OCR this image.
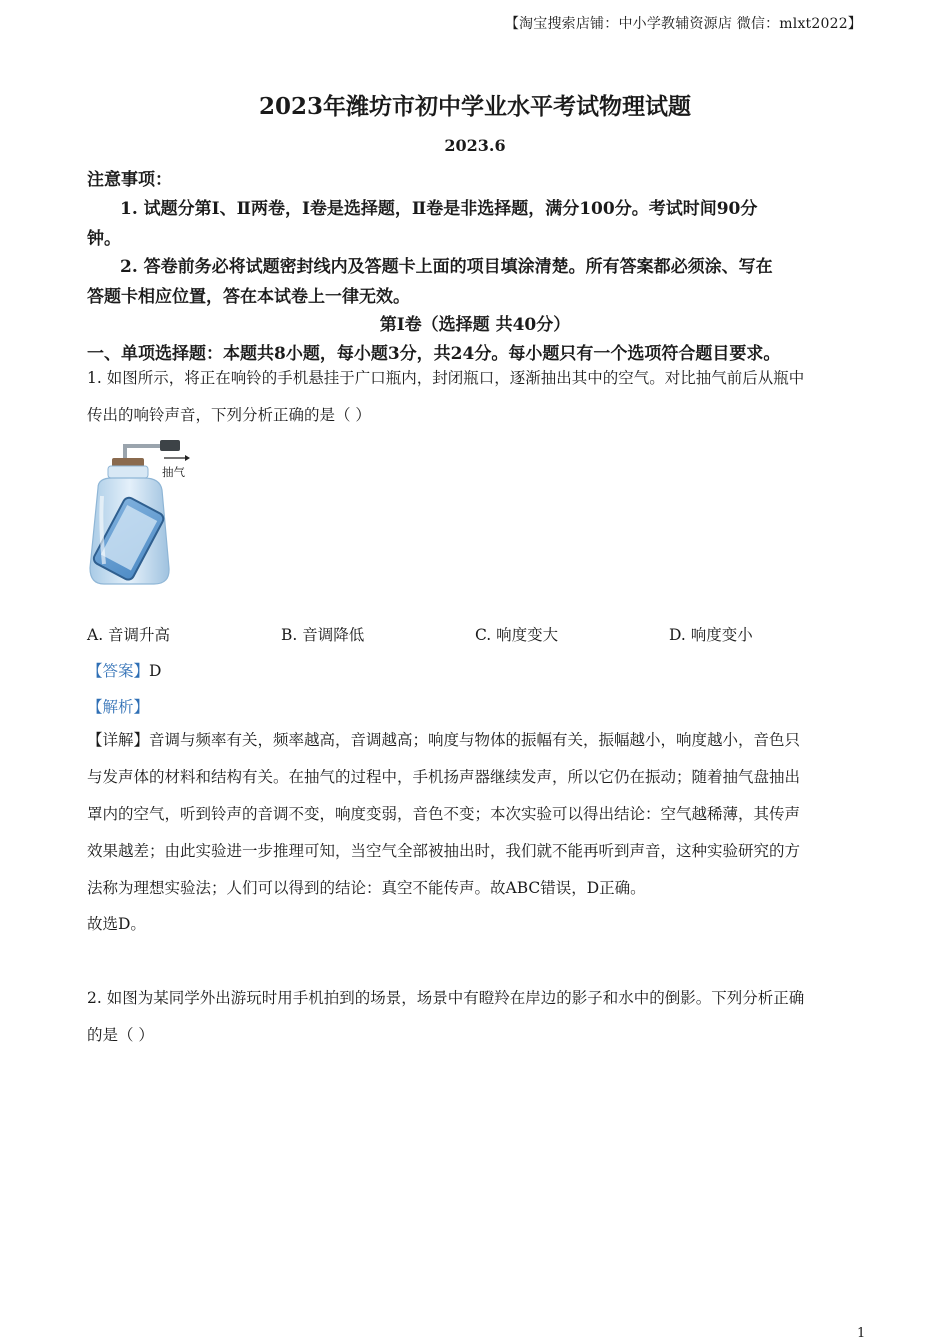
【淘宝搜索店铺：中小学教辅资源店 微信：mlxt2022】
2023年潍坊市初中学业水平考试物理试题
2023.6
注意事项：
1. 试题分第Ⅰ、Ⅱ两卷，Ⅰ卷是选择题，Ⅱ卷是非选择题，满分100分。考试时间90分
钟。
2. 答卷前务必将试题密封线内及答题卡上面的项目填涂清楚。所有答案都必须涂、写在
答题卡相应位置，答在本试卷上一律无效。
第Ⅰ卷（选择题 共40分）
一、单项选择题：本题共8小题，每小题3分，共24分。每小题只有一个选项符合题目要求。
1. 如图所示，将正在响铃的手机悬挂于广口瓶内，封闭瓶口，逐渐抽出其中的空气。对比抽气前后从瓶中
传出的响铃声音，下列分析正确的是（ ）
抽气
A. 音调升高	B. 音调降低	C. 响度变大	D. 响度变小
【答案】D
【解析】
【详解】音调与频率有关，频率越高，音调越高；响度与物体的振幅有关，振幅越小，响度越小，音色只
与发声体的材料和结构有关。在抽气的过程中，手机扬声器继续发声，所以它仍在振动；随着抽气盘抽出
罩内的空气，听到铃声的音调不变，响度变弱，音色不变；本次实验可以得出结论：空气越稀薄，其传声
效果越差；由此实验进一步推理可知，当空气全部被抽出时，我们就不能再听到声音，这种实验研究的方
法称为理想实验法；人们可以得到的结论：真空不能传声。故ABC错误，D正确。
故选D。
2. 如图为某同学外出游玩时用手机拍到的场景，场景中有瞪羚在岸边的影子和水中的倒影。下列分析正确
的是（ ）
1
